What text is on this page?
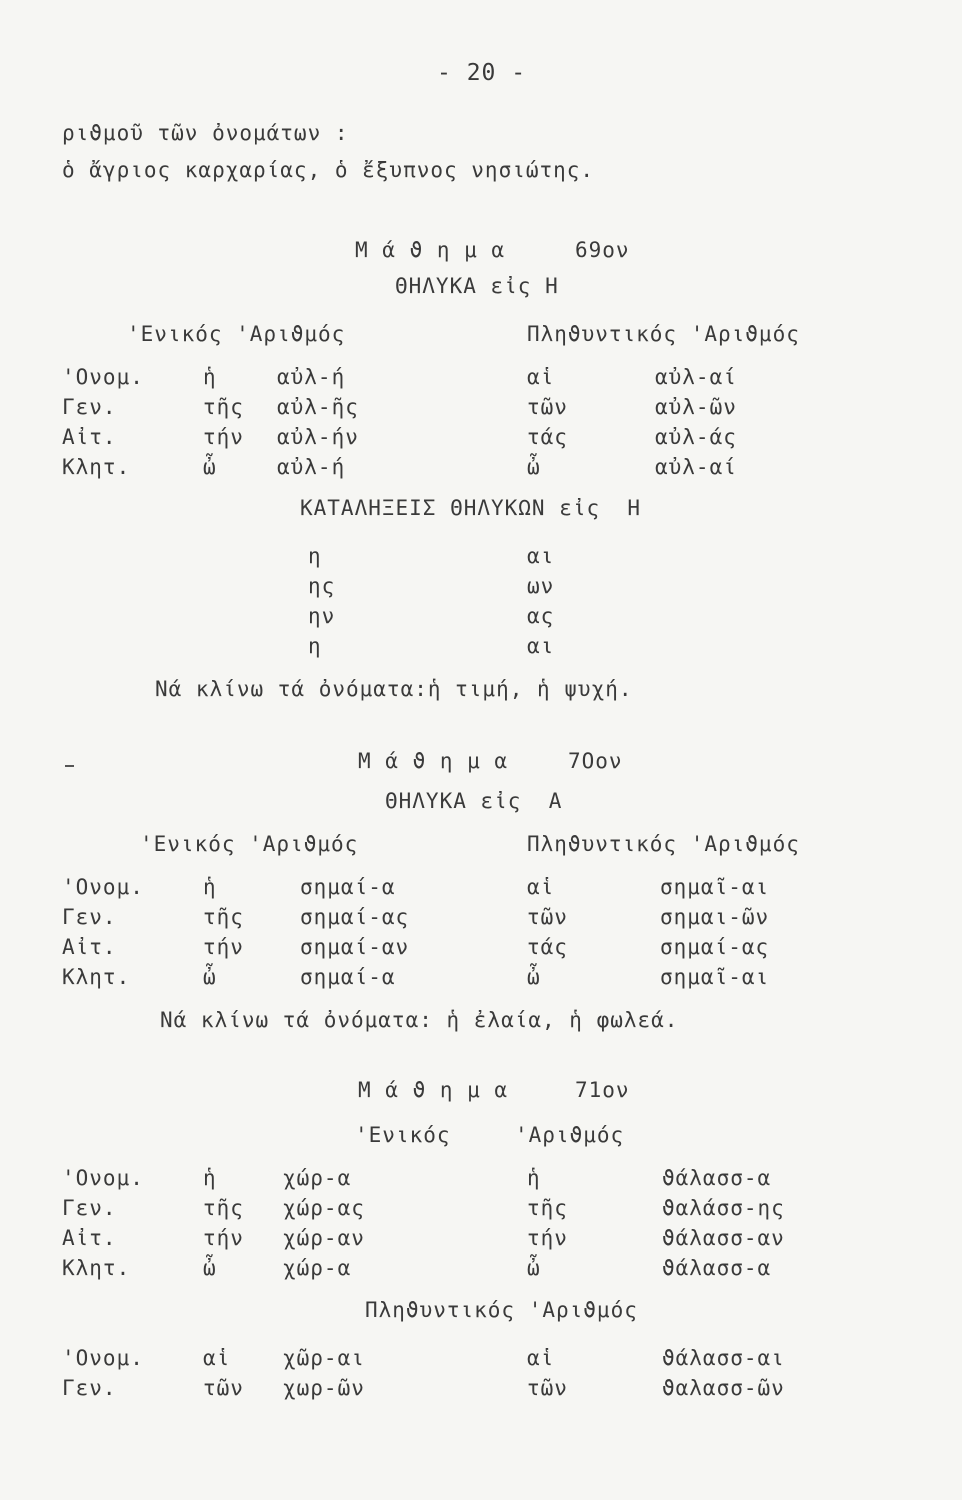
- 20 -
ριϑμοῦ τῶν ὀνομάτων :
ὁ ἄγριος καρχαρίας, ὁ ἔξυπνος νησιώτης.
Μ ά ϑ η μ α	69ον
ΘΗΛΥΚΑ εἰς Η
'Ενικός 'Αριϑμός	Πληϑυντικός 'Αριϑμός
'Ονομ.	ἡ	αὐλ-ή	αἱ	αὐλ-αί
Γεν.	τῆς αὐλ-ῆς	τῶν	αὐλ-ῶν
Αἰτ.	τήν αὐλ-ήν	τάς	αὐλ-άς
Κλητ.	ὦ	αὐλ-ή	ὦ	αὐλ-αί
ΚΑΤΑΛΗΞΕΙΣ ΘΗΛΥΚΩΝ εἰς  Η
η	αι
ης	ων
ην	ας
η	αι
Νά κλίνω τά ὀνόματα:ἡ τιμή, ἡ ψυχή.
Μ ά ϑ η μ α	7Οον
ΘΗΛΥΚΑ εἰς  Α
'Ενικός 'Αριϑμός	Πληϑυντικός 'Αριϑμός
'Ονομ.	ἡ	σημαί-α	αἱ	σημαῖ-αι
Γεν.	τῆς	σημαί-ας	τῶν	σημαι-ῶν
Αἰτ.	τήν	σημαί-αν	τάς	σημαί-ας
Κλητ.	ὦ	σημαί-α	ὦ	σημαῖ-αι
Νά κλίνω τά ὀνόματα: ἡ ἐλαία, ἡ φωλεά.
Μ ά ϑ η μ α	71ον
'Ενικός	'Αριϑμός
'Ονομ.	ἡ	χώρ-α	ἡ	ϑάλασσ-α
Γεν.	τῆς χώρ-ας	τῆς	ϑαλάσσ-ης
Αἰτ.	τήν χώρ-αν	τήν	ϑάλασσ-αν
Κλητ.	ὦ	χώρ-α	ὦ	ϑάλασσ-α
Πληϑυντικός 'Αριϑμός
'Ονομ.	αἱ	χῶρ-αι	αἱ	ϑάλασσ-αι
Γεν.	τῶν χωρ-ῶν	τῶν	ϑαλασσ-ῶν
